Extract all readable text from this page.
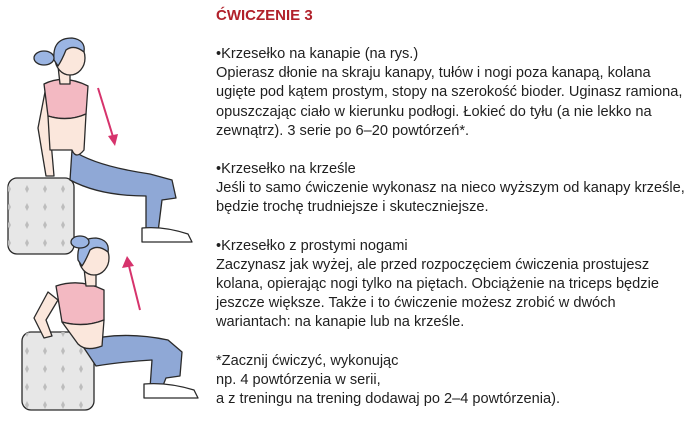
ĆWICZENIE 3
•Krzesełko na kanapie (na rys.)
Opierasz dłonie na skraju kanapy, tułów i nogi poza kanapą, kolana ugięte pod kątem prostym, stopy na szerokość bioder. Uginasz ramiona, opuszczając ciało w kierunku podłogi. Łokieć do tyłu (a nie lekko na zewnątrz). 3 serie po 6–20 powtórzeń*.
•Krzesełko na krześle
Jeśli to samo ćwiczenie wykonasz na nieco wyższym od kanapy krześle, będzie trochę trudniejsze i skuteczniejsze.
•Krzesełko z prostymi nogami
Zaczynasz jak wyżej, ale przed rozpoczęciem ćwiczenia prostujesz kolana, opierając nogi tylko na piętach. Obciążenie na triceps będzie jeszcze większe. Także i to ćwiczenie możesz zrobić w dwóch wariantach: na kanapie lub na krześle.
*Zacznij ćwiczyć, wykonując
np. 4 powtórzenia w serii,
a z treningu na trening dodawaj po 2–4 powtórzenia).
